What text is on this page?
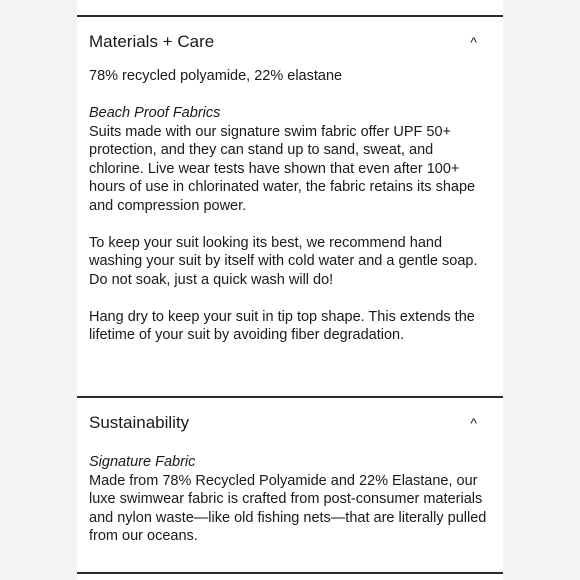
Materials + Care	^

78% recycled polyamide, 22% elastane

Beach Proof Fabrics
Suits made with our signature swim fabric offer UPF 50+ protection, and they can stand up to sand, sweat, and chlorine. Live wear tests have shown that even after 100+ hours of use in chlorinated water, the fabric retains its shape and compression power.

To keep your suit looking its best, we recommend hand washing your suit by itself with cold water and a gentle soap. Do not soak, just a quick wash will do!

Hang dry to keep your suit in tip top shape. This extends the lifetime of your suit by avoiding fiber degradation.

Sustainability	^

Signature Fabric
Made from 78% Recycled Polyamide and 22% Elastane, our luxe swimwear fabric is crafted from post-consumer materials and nylon waste—like old fishing nets—that are literally pulled from our oceans.
